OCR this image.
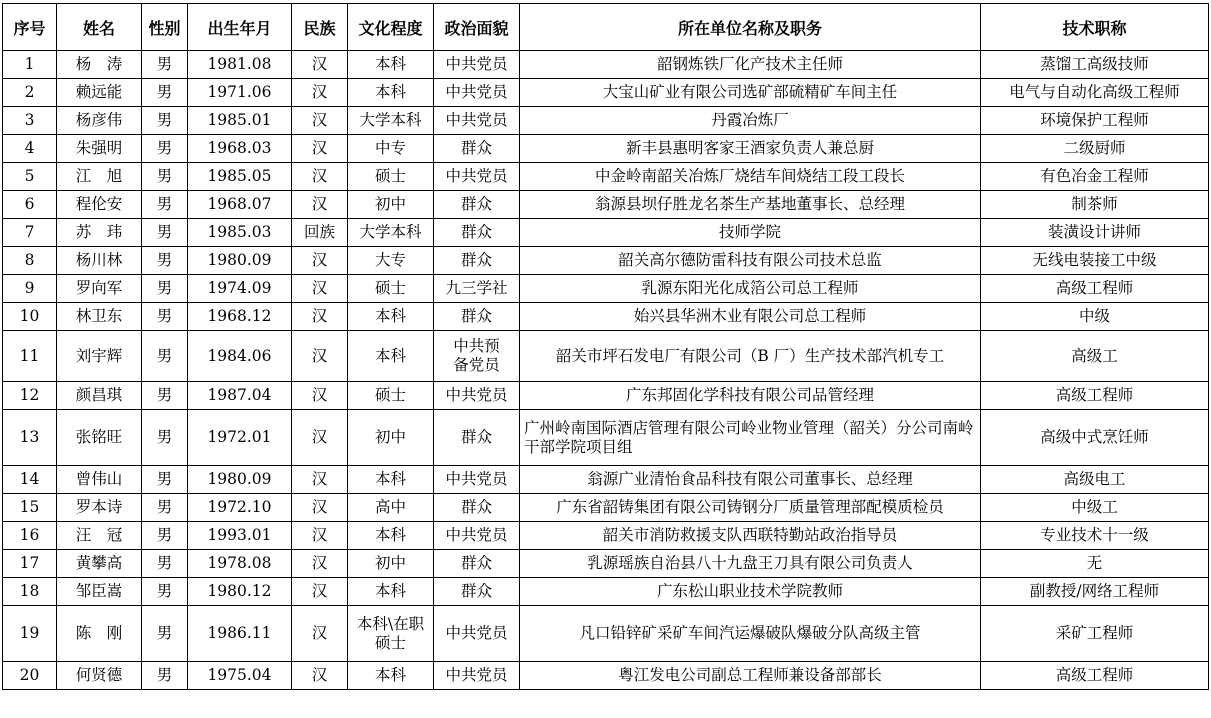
序号	姓名	性别	出生年月	民族	文化程度	政治面貌	所在单位名称及职务	技术职称
1	杨　涛	男	1981.08	汉	本科	中共党员	韶钢炼铁厂化产技术主任师	蒸馏工高级技师
2	赖远能	男	1971.06	汉	本科	中共党员	大宝山矿业有限公司选矿部硫精矿车间主任	电气与自动化高级工程师
3	杨彦伟	男	1985.01	汉	大学本科	中共党员	丹霞冶炼厂	环境保护工程师
4	朱强明	男	1968.03	汉	中专	群众	新丰县惠明客家王酒家负责人兼总厨	二级厨师
5	江　旭	男	1985.05	汉	硕士	中共党员	中金岭南韶关冶炼厂烧结车间烧结工段工段长	有色冶金工程师
6	程伦安	男	1968.07	汉	初中	群众	翁源县坝仔胜龙名茶生产基地董事长、总经理	制茶师
7	苏　玮	男	1985.03	回族	大学本科	群众	技师学院	装潢设计讲师
8	杨川林	男	1980.09	汉	大专	群众	韶关高尔德防雷科技有限公司技术总监	无线电装接工中级
9	罗向军	男	1974.09	汉	硕士	九三学社	乳源东阳光化成箔公司总工程师	高级工程师
10	林卫东	男	1968.12	汉	本科	群众	始兴县华洲木业有限公司总工程师	中级
11	刘宇辉	男	1984.06	汉	本科	中共预备党员	韶关市坪石发电厂有限公司（B 厂）生产技术部汽机专工	高级工
12	颜昌琪	男	1987.04	汉	硕士	中共党员	广东邦固化学科技有限公司品管经理	高级工程师
13	张铭旺	男	1972.01	汉	初中	群众	广州岭南国际酒店管理有限公司岭业物业管理（韶关）分公司南岭干部学院项目组	高级中式烹饪师
14	曾伟山	男	1980.09	汉	本科	中共党员	翁源广业清怡食品科技有限公司董事长、总经理	高级电工
15	罗本诗	男	1972.10	汉	高中	群众	广东省韶铸集团有限公司铸钢分厂质量管理部配模质检员	中级工
16	汪　冠	男	1993.01	汉	本科	中共党员	韶关市消防救援支队西联特勤站政治指导员	专业技术十一级
17	黄攀高	男	1978.08	汉	初中	群众	乳源瑶族自治县八十九盘王刀具有限公司负责人	无
18	邹臣嵩	男	1980.12	汉	本科	群众	广东松山职业技术学院教师	副教授/网络工程师
19	陈　刚	男	1986.11	汉	本科\在职硕士	中共党员	凡口铅锌矿采矿车间汽运爆破队爆破分队高级主管	采矿工程师
20	何贤德	男	1975.04	汉	本科	中共党员	粤江发电公司副总工程师兼设备部部长	高级工程师
